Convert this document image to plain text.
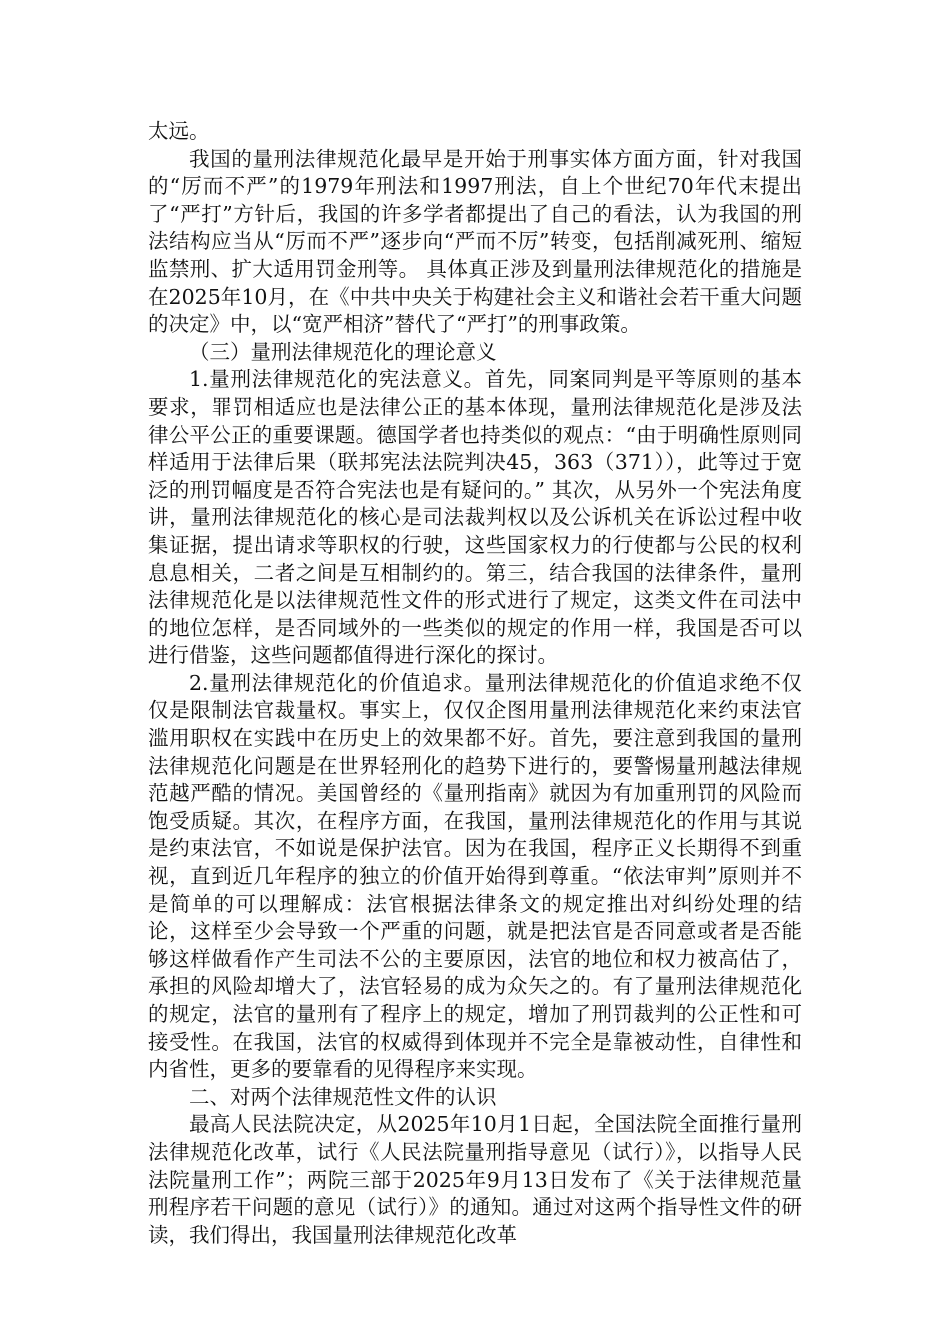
太远。

我国的量刑法律规范化最早是开始于刑事实体方面方面，针对我国的“厉而不严”的1979年刑法和1997刑法，自上个世纪70年代末提出了“严打”方针后，我国的许多学者都提出了自己的看法，认为我国的刑法结构应当从“厉而不严”逐步向“严而不厉”转变，包括削减死刑、缩短监禁刑、扩大适用罚金刑等。 具体真正涉及到量刑法律规范化的措施是在2025年10月，在《中共中央关于构建社会主义和谐社会若干重大问题的决定》中，以“宽严相济”替代了“严打”的刑事政策。

（三）量刑法律规范化的理论意义

1.量刑法律规范化的宪法意义。首先，同案同判是平等原则的基本要求，罪罚相适应也是法律公正的基本体现，量刑法律规范化是涉及法律公平公正的重要课题。德国学者也持类似的观点：“由于明确性原则同样适用于法律后果（联邦宪法法院判决45，363（371）），此等过于宽泛的刑罚幅度是否符合宪法也是有疑问的。” 其次，从另外一个宪法角度讲，量刑法律规范化的核心是司法裁判权以及公诉机关在诉讼过程中收集证据，提出请求等职权的行驶，这些国家权力的行使都与公民的权利息息相关，二者之间是互相制约的。第三，结合我国的法律条件，量刑法律规范化是以法律规范性文件的形式进行了规定，这类文件在司法中的地位怎样，是否同域外的一些类似的规定的作用一样，我国是否可以进行借鉴，这些问题都值得进行深化的探讨。

2.量刑法律规范化的价值追求。量刑法律规范化的价值追求绝不仅仅是限制法官裁量权。事实上，仅仅企图用量刑法律规范化来约束法官滥用职权在实践中在历史上的效果都不好。首先，要注意到我国的量刑法律规范化问题是在世界轻刑化的趋势下进行的，要警惕量刑越法律规范越严酷的情况。美国曾经的《量刑指南》就因为有加重刑罚的风险而饱受质疑。其次，在程序方面，在我国，量刑法律规范化的作用与其说是约束法官，不如说是保护法官。因为在我国，程序正义长期得不到重视，直到近几年程序的独立的价值开始得到尊重。“依法审判”原则并不是简单的可以理解成：法官根据法律条文的规定推出对纠纷处理的结论，这样至少会导致一个严重的问题，就是把法官是否同意或者是否能够这样做看作产生司法不公的主要原因，法官的地位和权力被高估了，承担的风险却增大了，法官轻易的成为众矢之的。有了量刑法律规范化的规定，法官的量刑有了程序上的规定，增加了刑罚裁判的公正性和可接受性。在我国，法官的权威得到体现并不完全是靠被动性，自律性和内省性，更多的要靠看的见得程序来实现。

二、对两个法律规范性文件的认识

最高人民法院决定，从2025年10月1日起，全国法院全面推行量刑法律规范化改革，试行《人民法院量刑指导意见（试行）》，以指导人民法院量刑工作”；两院三部于2025年9月13日发布了《关于法律规范量刑程序若干问题的意见（试行）》的通知。通过对这两个指导性文件的研读，我们得出，我国量刑法律规范化改革
